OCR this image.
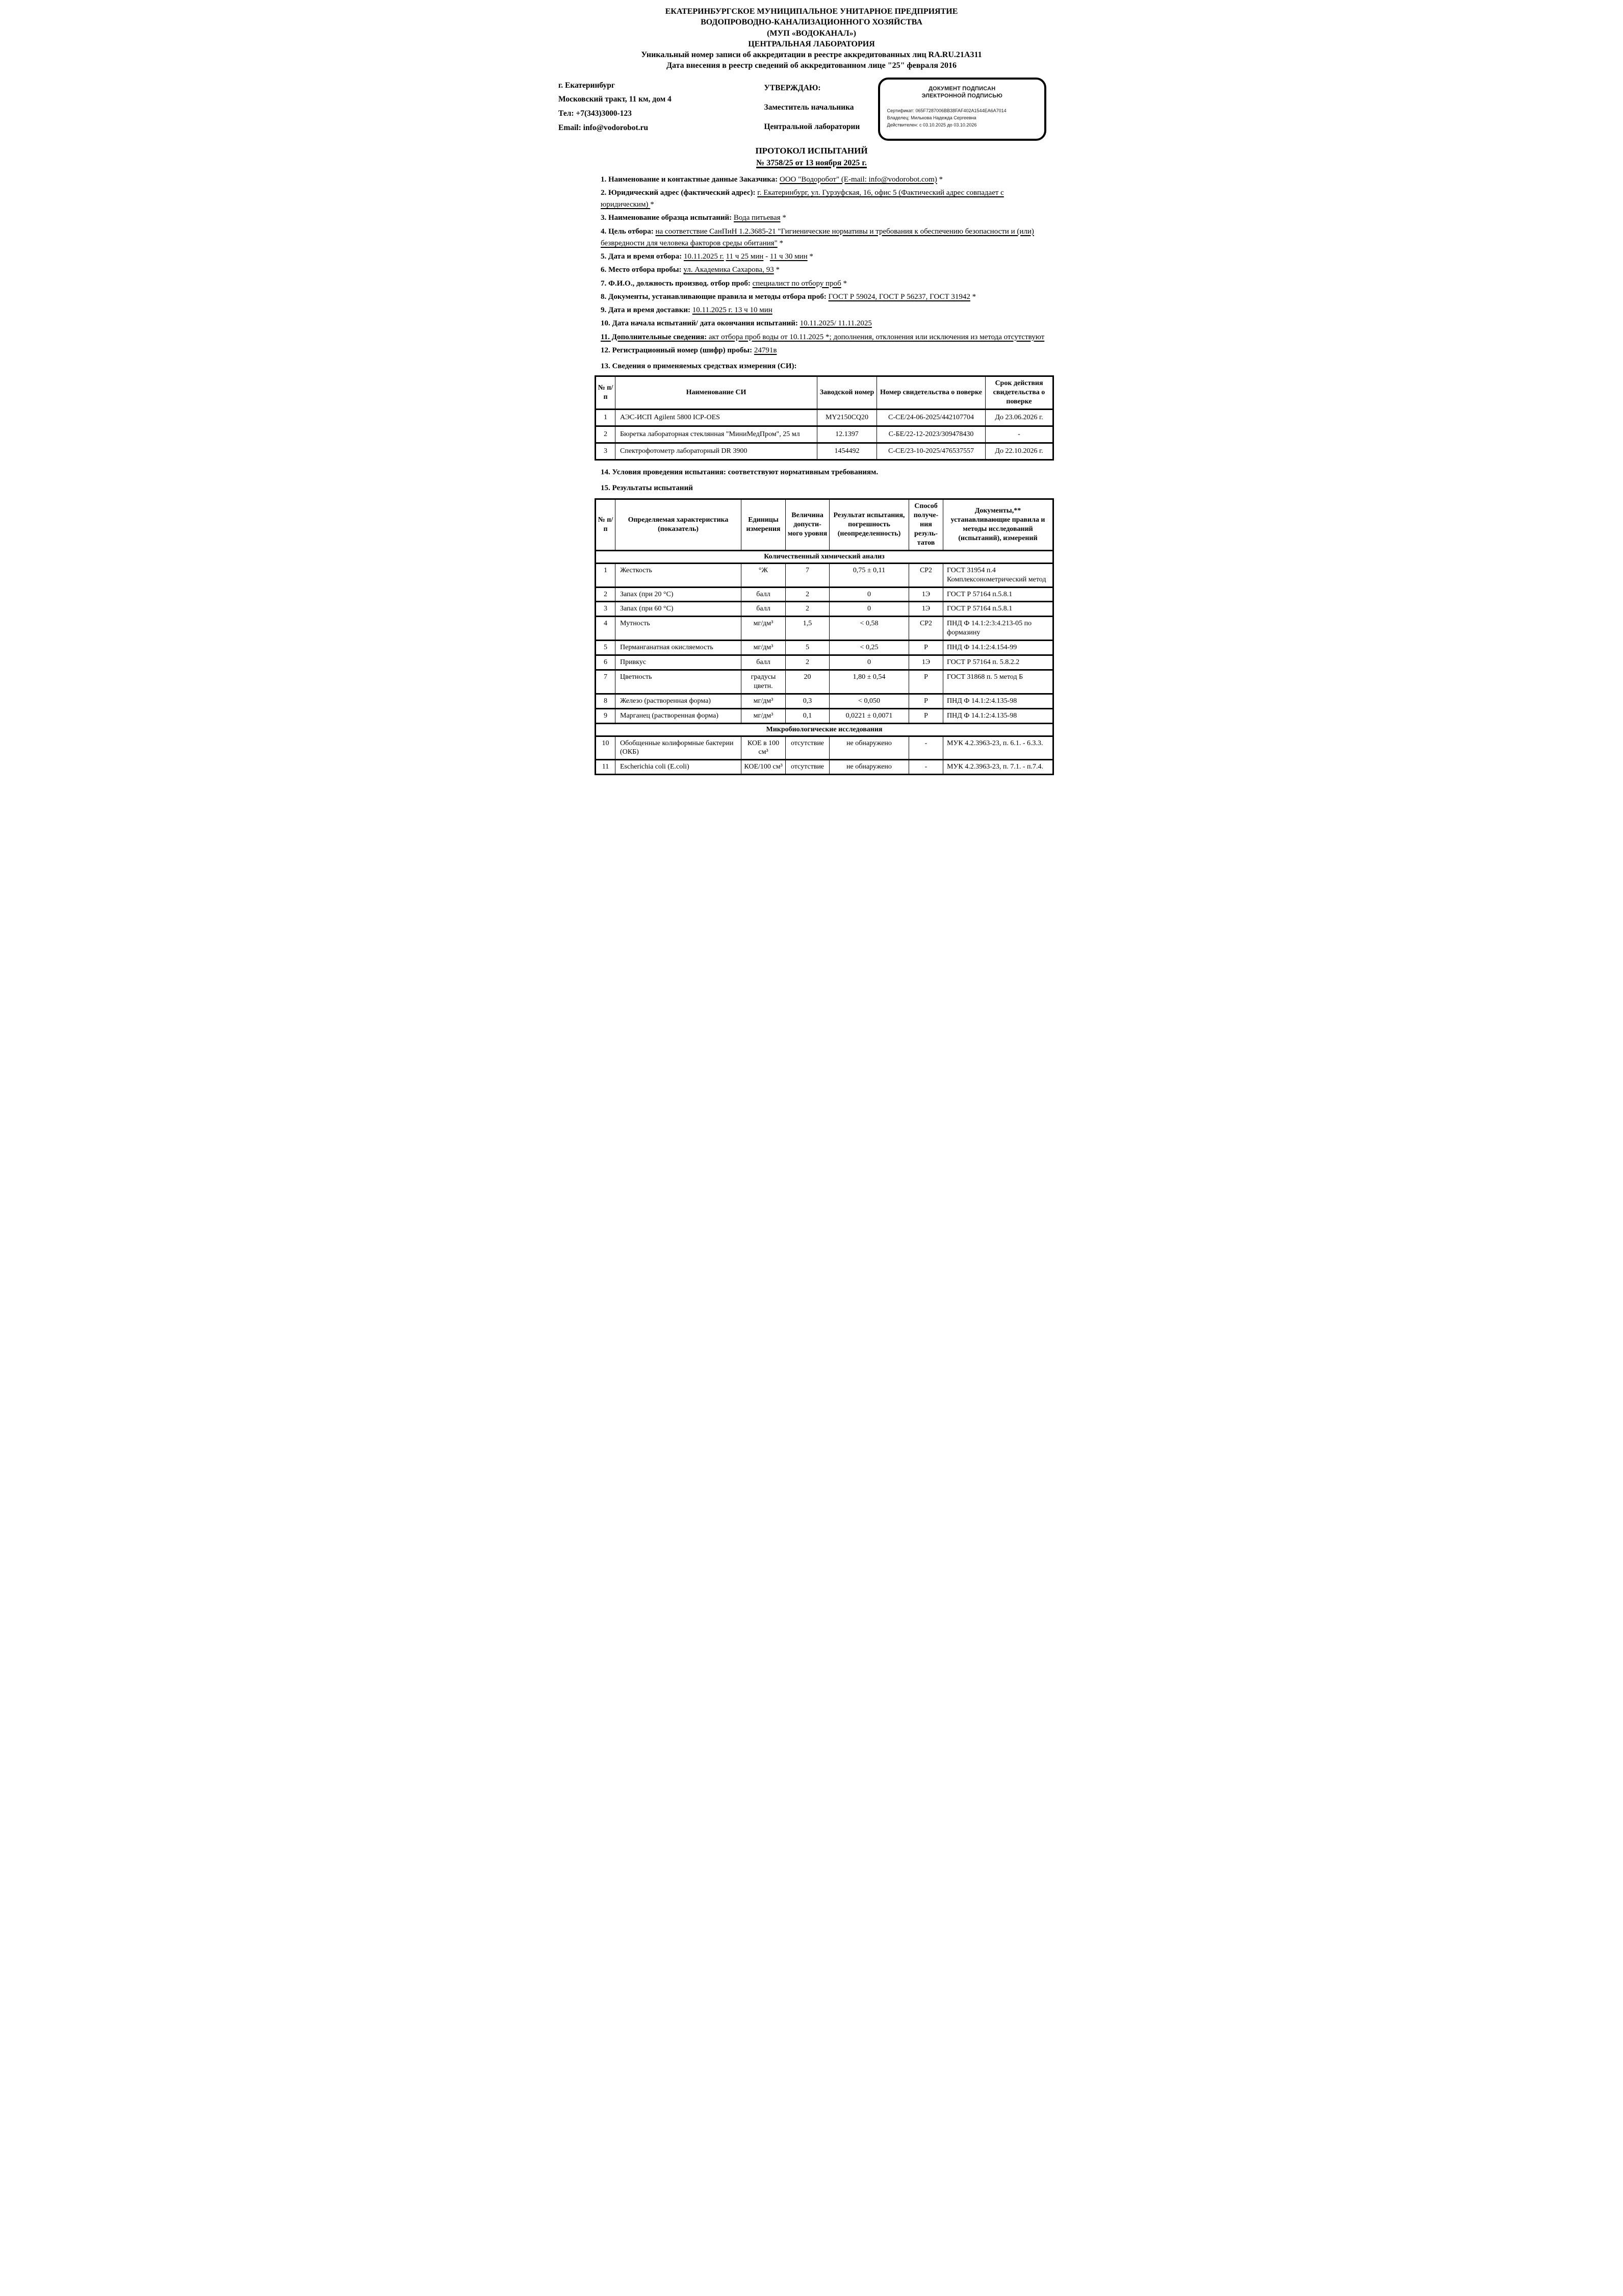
ЕКАТЕРИНБУРГСКОЕ МУНИЦИПАЛЬНОЕ УНИТАРНОЕ ПРЕДПРИЯТИЕ
ВОДОПРОВОДНО-КАНАЛИЗАЦИОННОГО ХОЗЯЙСТВА
(МУП «ВОДОКАНАЛ»)
ЦЕНТРАЛЬНАЯ ЛАБОРАТОРИЯ
Уникальный номер записи об аккредитации в реестре аккредитованных лиц RA.RU.21А311
Дата внесения в реестр сведений об аккредитованном лице "25" февраля 2016
г. Екатеринбург
Московский тракт, 11 км, дом 4
Тел: +7(343)3000-123
Email: info@vodorobot.ru
УТВЕРЖДАЮ:
Заместитель начальника
Центральной лаборатории
ДОКУМЕНТ ПОДПИСАН
ЭЛЕКТРОННОЙ ПОДПИСЬЮ
Сертификат: 065F7287006BB38FAF402A1544EA6A7014
Владелец: Милькова Надежда Сергеевна
Действителен: с 03.10.2025 до 03.10.2026
ПРОТОКОЛ ИСПЫТАНИЙ
№ 3758/25 от 13 ноября 2025 г.

1. Наименование и контактные данные Заказчика: ООО "Водоробот" (E-mail: info@vodorobot.com) *

2. Юридический адрес (фактический адрес): г. Екатеринбург, ул. Гурзуфская, 16, офис 5 (Фактический адрес совпадает с юридическим) *

3. Наименование образца испытаний: Вода питьевая *

4. Цель отбора: на соответствие СанПиН 1.2.3685-21 "Гигиенические нормативы и требования к обеспечению безопасности и (или) безвредности для человека факторов среды обитания" *

5. Дата и время отбора: 10.11.2025 г. 11 ч 25 мин - 11 ч 30 мин *

6. Место отбора пробы: ул. Академика Сахарова, 93 *

7. Ф.И.О., должность производ. отбор проб: специалист по отбору проб *

8. Документы, устанавливающие правила и методы отбора проб: ГОСТ Р 59024, ГОСТ Р 56237, ГОСТ 31942 *

9. Дата и время доставки: 10.11.2025 г. 13 ч 10 мин

10. Дата начала испытаний/ дата окончания испытаний: 10.11.2025/ 11.11.2025

11. Дополнительные сведения: акт отбора проб воды от 10.11.2025 *; дополнения, отклонения или исключения из метода отсутствуют

12. Регистрационный номер (шифр) пробы: 24791в

13. Сведения о применяемых средствах измерения (СИ):

№ п/п	Наименование СИ	Заводской номер	Номер свидетельства о поверке	Срок действия свидетельства о поверке
1	АЭС-ИСП Agilent 5800 ICP-OES	MY2150CQ20	С-СЕ/24-06-2025/442107704	До 23.06.2026 г.
2	Бюретка лабораторная стеклянная "МиниМедПром", 25 мл	12.1397	С-БЕ/22-12-2023/309478430	-
3	Спектрофотометр лабораторный DR 3900	1454492	С-СЕ/23-10-2025/476537557	До 22.10.2026 г.

14. Условия проведения испытания: соответствуют нормативным требованиям.

15. Результаты испытаний

№ п/п	Определяемая характеристика (показатель)	Единицы измерения	Величина допусти- мого уровня	Результат испытания, погрешность (неопределенность)	Способ получе- ния резуль- татов	Документы,** устанавливающие правила и методы исследований (испытаний), измерений
Количественный химический анализ						
1	Жесткость	°Ж	7	0,75 ± 0,11	СР2	ГОСТ 31954 п.4 Комплексонометрический метод
2	Запах (при 20 °С)	балл	2	0	1Э	ГОСТ Р 57164 п.5.8.1
3	Запах (при 60 °С)	балл	2	0	1Э	ГОСТ Р 57164 п.5.8.1
4	Мутность	мг/дм³	1,5	< 0,58	СР2	ПНД Ф 14.1:2:3:4.213-05 по формазину
5	Перманганатная окисляемость	мг/дм³	5	< 0,25	Р	ПНД Ф 14.1:2:4.154-99
6	Привкус	балл	2	0	1Э	ГОСТ Р 57164 п. 5.8.2.2
7	Цветность	градусы цветн.	20	1,80 ± 0,54	Р	ГОСТ 31868 п. 5 метод Б
8	Железо (растворенная форма)	мг/дм³	0,3	< 0,050	Р	ПНД Ф 14.1:2:4.135-98
9	Марганец (растворенная форма)	мг/дм³	0,1	0,0221 ± 0,0071	Р	ПНД Ф 14.1:2:4.135-98
Микробиологические исследования						
10	Обобщенные колиформные бактерии (ОКБ)	КОЕ в 100 см³	отсутствие	не обнаружено	-	МУК 4.2.3963-23, п. 6.1. - 6.3.3.
11	Escherichia coli (E.coli)	КОЕ/100 см³	отсутствие	не обнаружено	-	МУК 4.2.3963-23, п. 7.1. - п.7.4.
